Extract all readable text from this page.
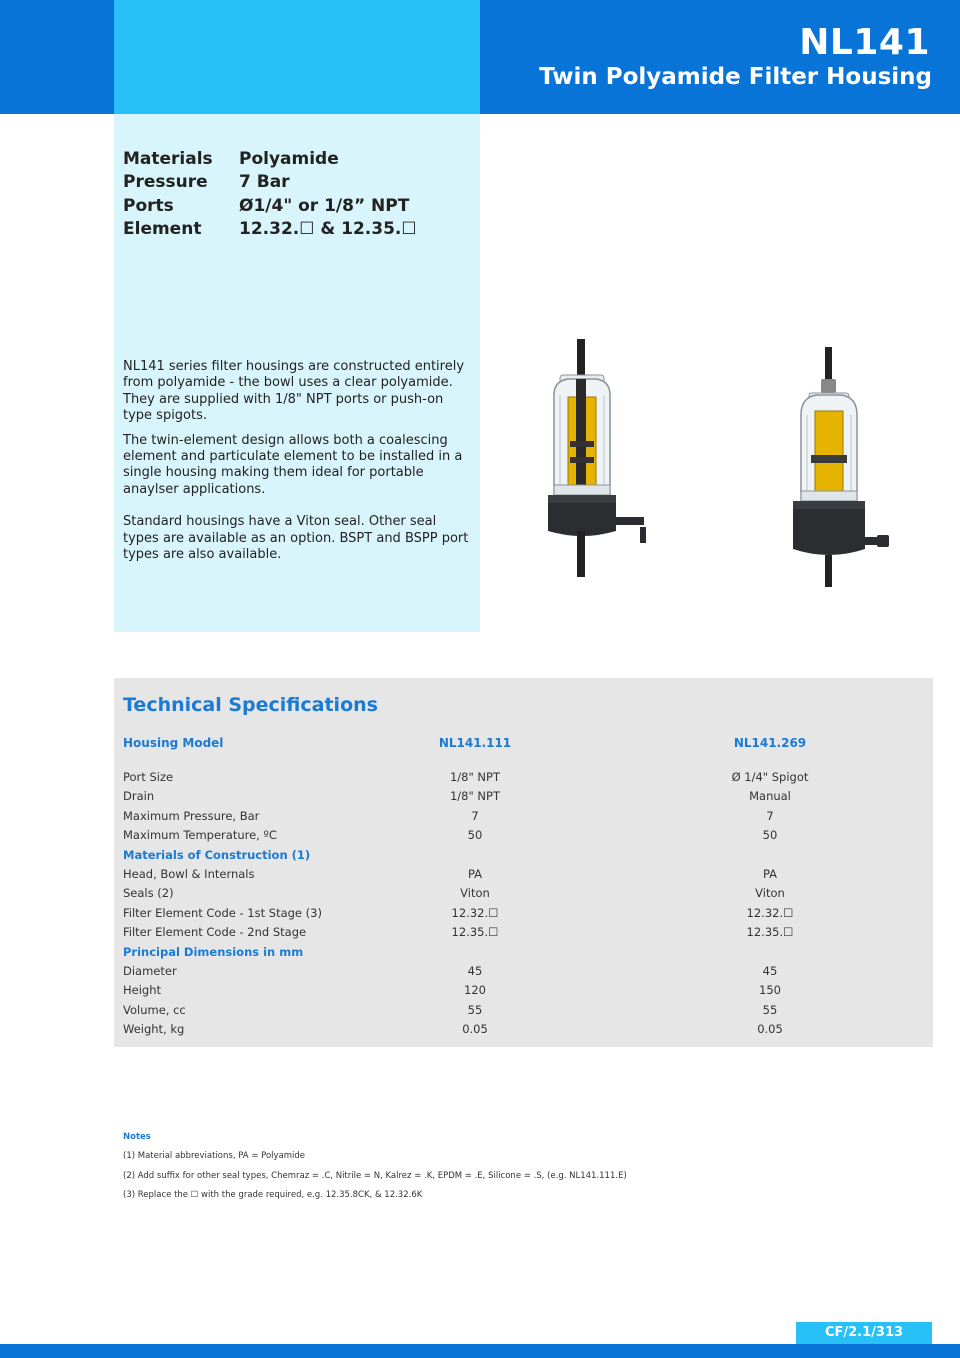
NL141
Twin Polyamide Filter Housing
Materials	Polyamide
Pressure	7 Bar
Ports	Ø1/4" or 1/8” NPT
Element	12.32.☐ & 12.35.☐

NL141 series filter housings are constructed entirely from polyamide - the bowl uses a clear polyamide. They are supplied with 1/8" NPT ports or push-on type spigots.

The twin-element design allows both a coalescing element and particulate element to be installed in a single housing making them ideal for portable anaylser applications.

Standard housings have a Viton seal. Other seal types are available as an option. BSPT and BSPP port types are also available.

Technical Specifications
Housing Model	NL141.111	NL141.269
Port Size	1/8" NPT	Ø 1/4" Spigot
Drain	1/8" NPT	Manual
Maximum Pressure, Bar	7	7
Maximum Temperature, ºC	50	50
Materials of Construction (1)
Head, Bowl & Internals	PA	PA
Seals (2)	Viton	Viton
Filter Element Code - 1st Stage (3)	12.32.☐	12.32.☐
Filter Element Code - 2nd Stage	12.35.☐	12.35.☐
Principal Dimensions in mm
Diameter	45	45
Height	120	150
Volume, cc	55	55
Weight, kg	0.05	0.05
Notes
(1) Material abbreviations, PA = Polyamide
(2) Add suffix for other seal types, Chemraz = .C, Nitrile = N, Kalrez = .K, EPDM = .E, Silicone = .S, (e.g. NL141.111.E)
(3) Replace the ☐ with the grade required, e.g. 12.35.8CK, & 12.32.6K
CF/2.1/313
